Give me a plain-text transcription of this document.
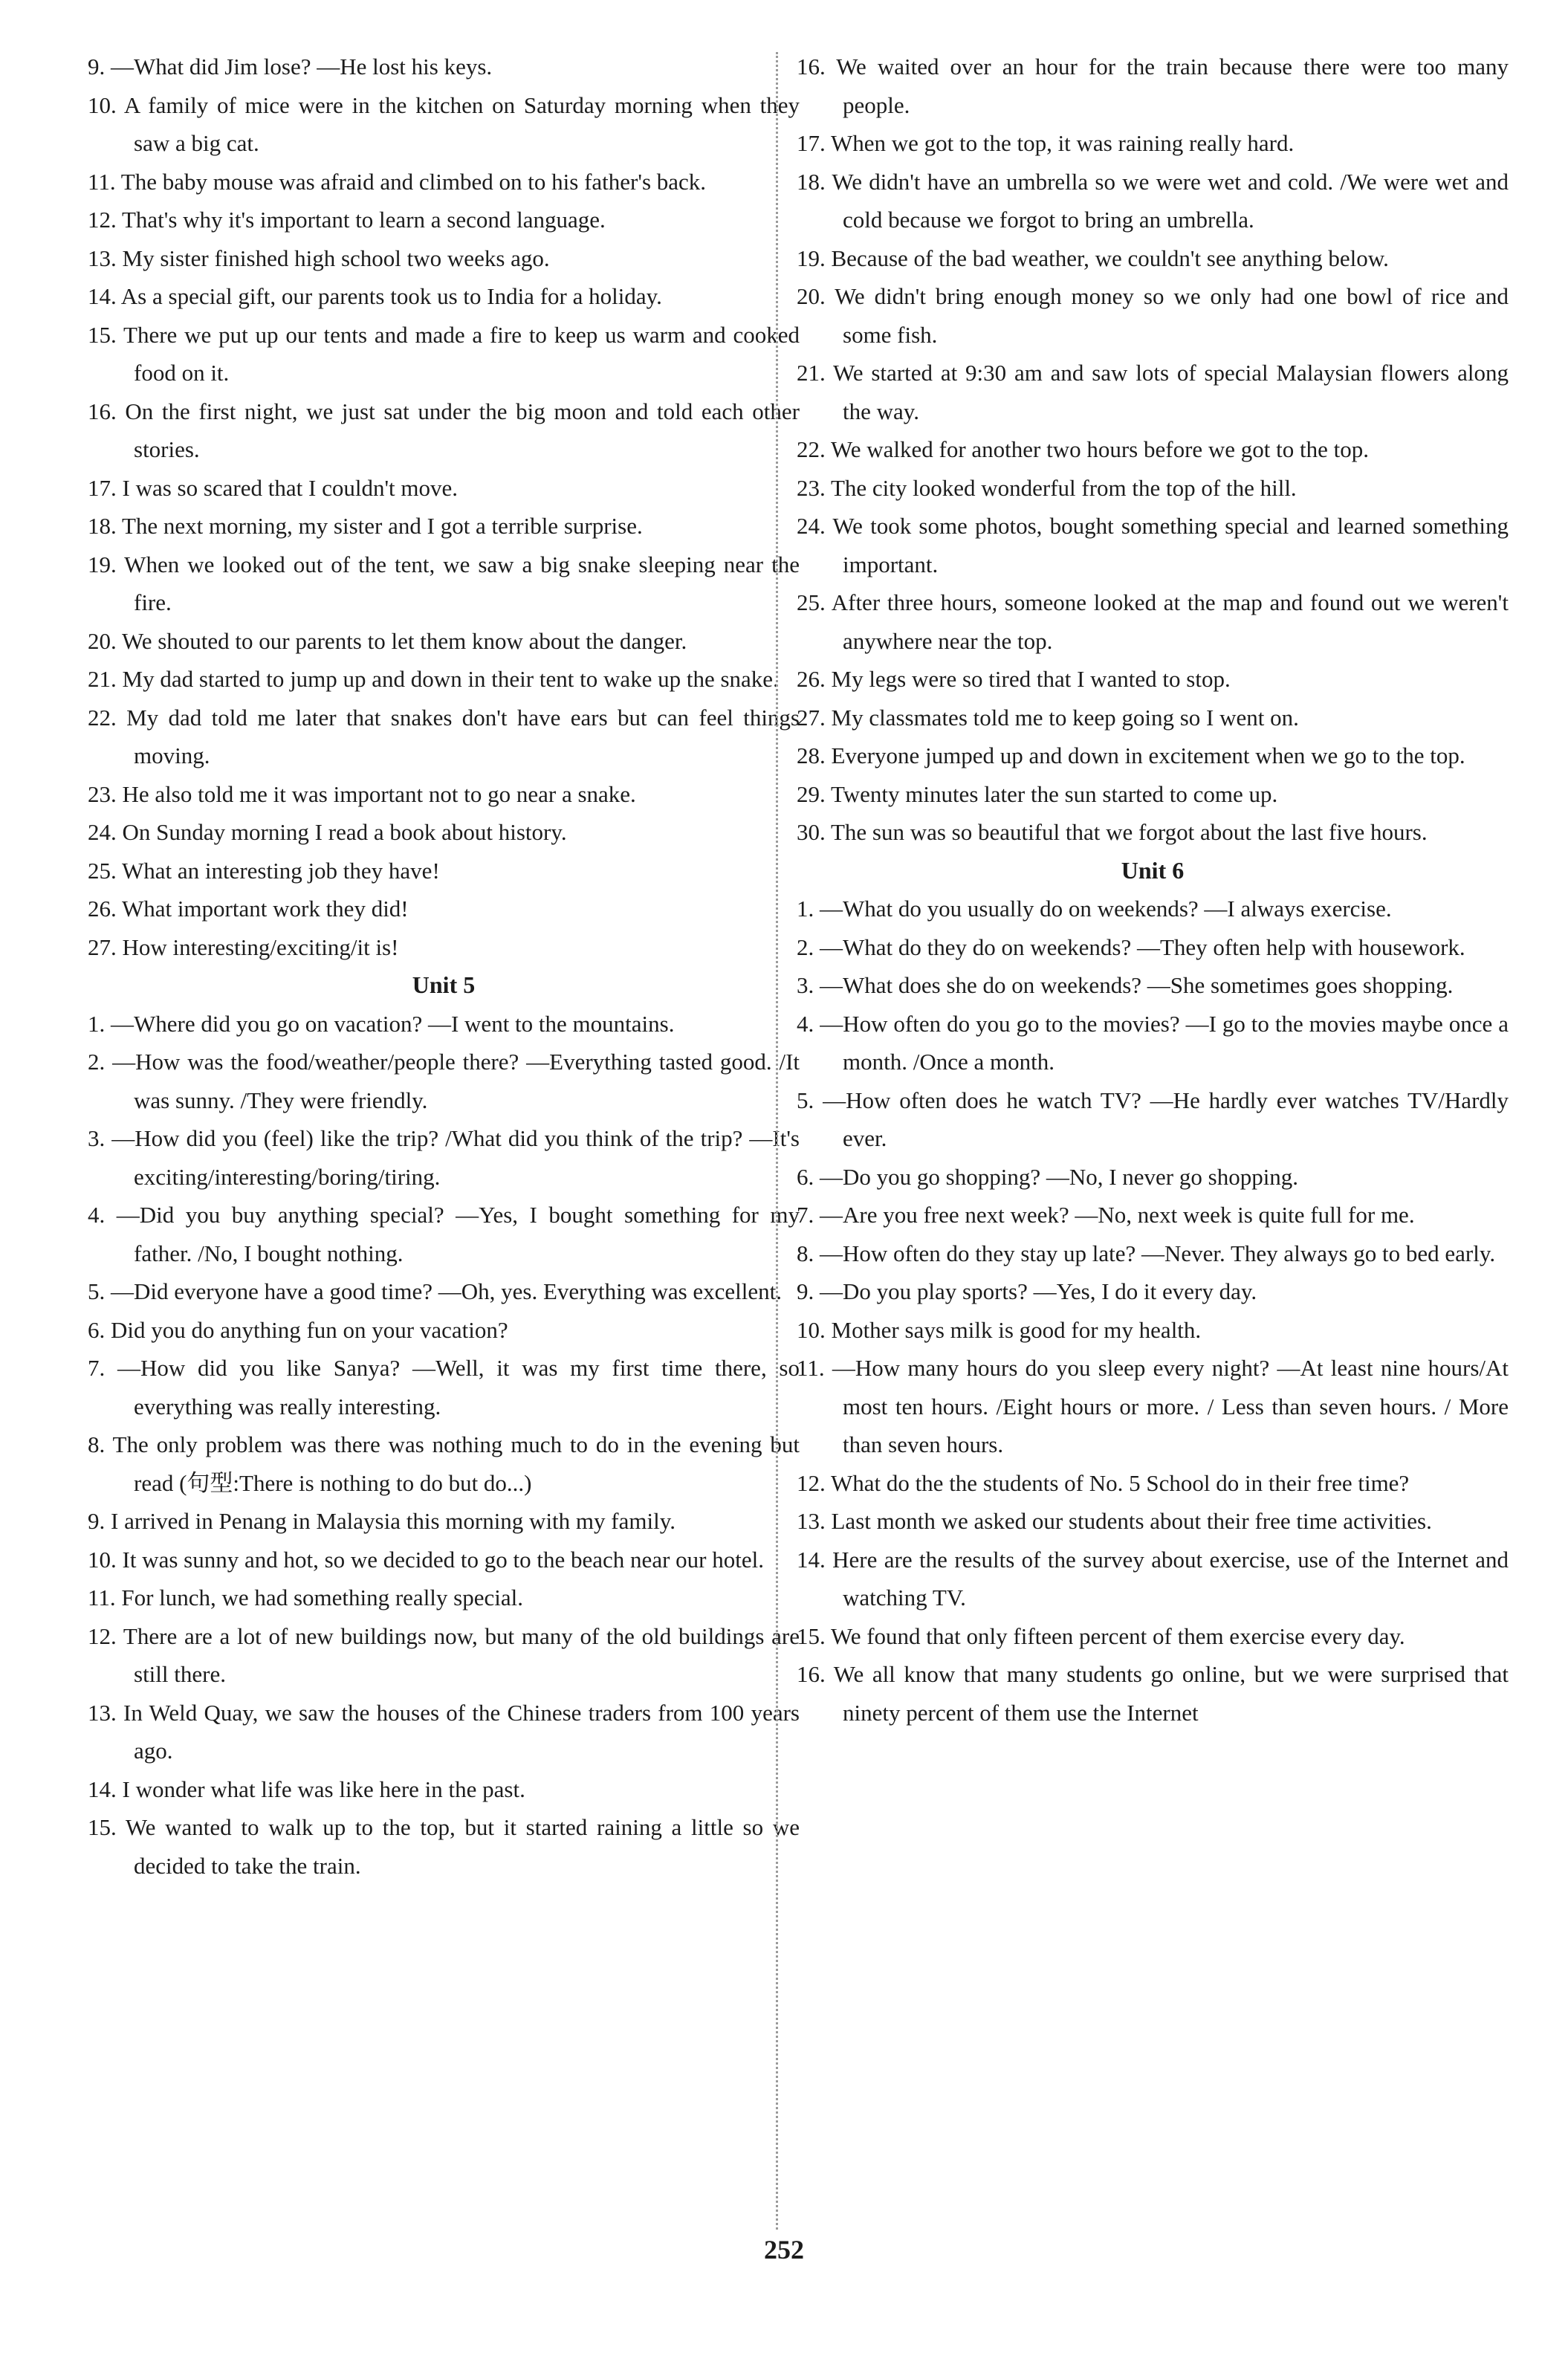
9. —What did Jim lose? —He lost his keys.
10. A family of mice were in the kitchen on Saturday morning when they saw a big cat.
11. The baby mouse was afraid and climbed on to his father's back.
12. That's why it's important to learn a second language.
13. My sister finished high school two weeks ago.
14. As a special gift, our parents took us to India for a holiday.
15. There we put up our tents and made a fire to keep us warm and cooked food on it.
16. On the first night, we just sat under the big moon and told each other stories.
17. I was so scared that I couldn't move.
18. The next morning, my sister and I got a terrible surprise.
19. When we looked out of the tent, we saw a big snake sleeping near the fire.
20. We shouted to our parents to let them know about the danger.
21. My dad started to jump up and down in their tent to wake up the snake.
22. My dad told me later that snakes don't have ears but can feel things moving.
23. He also told me it was important not to go near a snake.
24. On Sunday morning I read a book about history.
25. What an interesting job they have!
26. What important work they did!
27. How interesting/exciting/it is!
Unit 5
1. —Where did you go on vacation? —I went to the mountains.
2. —How was the food/weather/people there? —Everything tasted good. /It was sunny. /They were friendly.
3. —How did you (feel) like the trip? /What did you think of the trip? —It's exciting/interesting/boring/tiring.
4. —Did you buy anything special? —Yes, I bought something for my father. /No, I bought nothing.
5. —Did everyone have a good time? —Oh, yes. Everything was excellent.
6. Did you do anything fun on your vacation?
7. —How did you like Sanya? —Well, it was my first time there, so everything was really interesting.
8. The only problem was there was nothing much to do in the evening but read (句型:There is nothing to do but do...)
9. I arrived in Penang in Malaysia this morning with my family.
10. It was sunny and hot, so we decided to go to the beach near our hotel.
11. For lunch, we had something really special.
12. There are a lot of new buildings now, but many of the old buildings are still there.
13. In Weld Quay, we saw the houses of the Chinese traders from 100 years ago.
14. I wonder what life was like here in the past.
15. We wanted to walk up to the top, but it started raining a little so we decided to take the train.
16. We waited over an hour for the train because there were too many people.
17. When we got to the top, it was raining really hard.
18. We didn't have an umbrella so we were wet and cold. /We were wet and cold because we forgot to bring an umbrella.
19. Because of the bad weather, we couldn't see anything below.
20. We didn't bring enough money so we only had one bowl of rice and some fish.
21. We started at 9:30 am and saw lots of special Malaysian flowers along the way.
22. We walked for another two hours before we got to the top.
23. The city looked wonderful from the top of the hill.
24. We took some photos, bought something special and learned something important.
25. After three hours, someone looked at the map and found out we weren't anywhere near the top.
26. My legs were so tired that I wanted to stop.
27. My classmates told me to keep going so I went on.
28. Everyone jumped up and down in excitement when we go to the top.
29. Twenty minutes later the sun started to come up.
30. The sun was so beautiful that we forgot about the last five hours.
Unit 6
1. —What do you usually do on weekends? —I always exercise.
2. —What do they do on weekends? —They often help with housework.
3. —What does she do on weekends? —She sometimes goes shopping.
4. —How often do you go to the movies? —I go to the movies maybe once a month. /Once a month.
5. —How often does he watch TV? —He hardly ever watches TV/Hardly ever.
6. —Do you go shopping? —No, I never go shopping.
7. —Are you free next week? —No, next week is quite full for me.
8. —How often do they stay up late? —Never. They always go to bed early.
9. —Do you play sports? —Yes, I do it every day.
10. Mother says milk is good for my health.
11. —How many hours do you sleep every night? —At least nine hours/At most ten hours. /Eight hours or more. / Less than seven hours. / More than seven hours.
12. What do the the students of No. 5 School do in their free time?
13. Last month we asked our students about their free time activities.
14. Here are the results of the survey about exercise, use of the Internet and watching TV.
15. We found that only fifteen percent of them exercise every day.
16. We all know that many students go online, but we were surprised that ninety percent of them use the Internet
252
